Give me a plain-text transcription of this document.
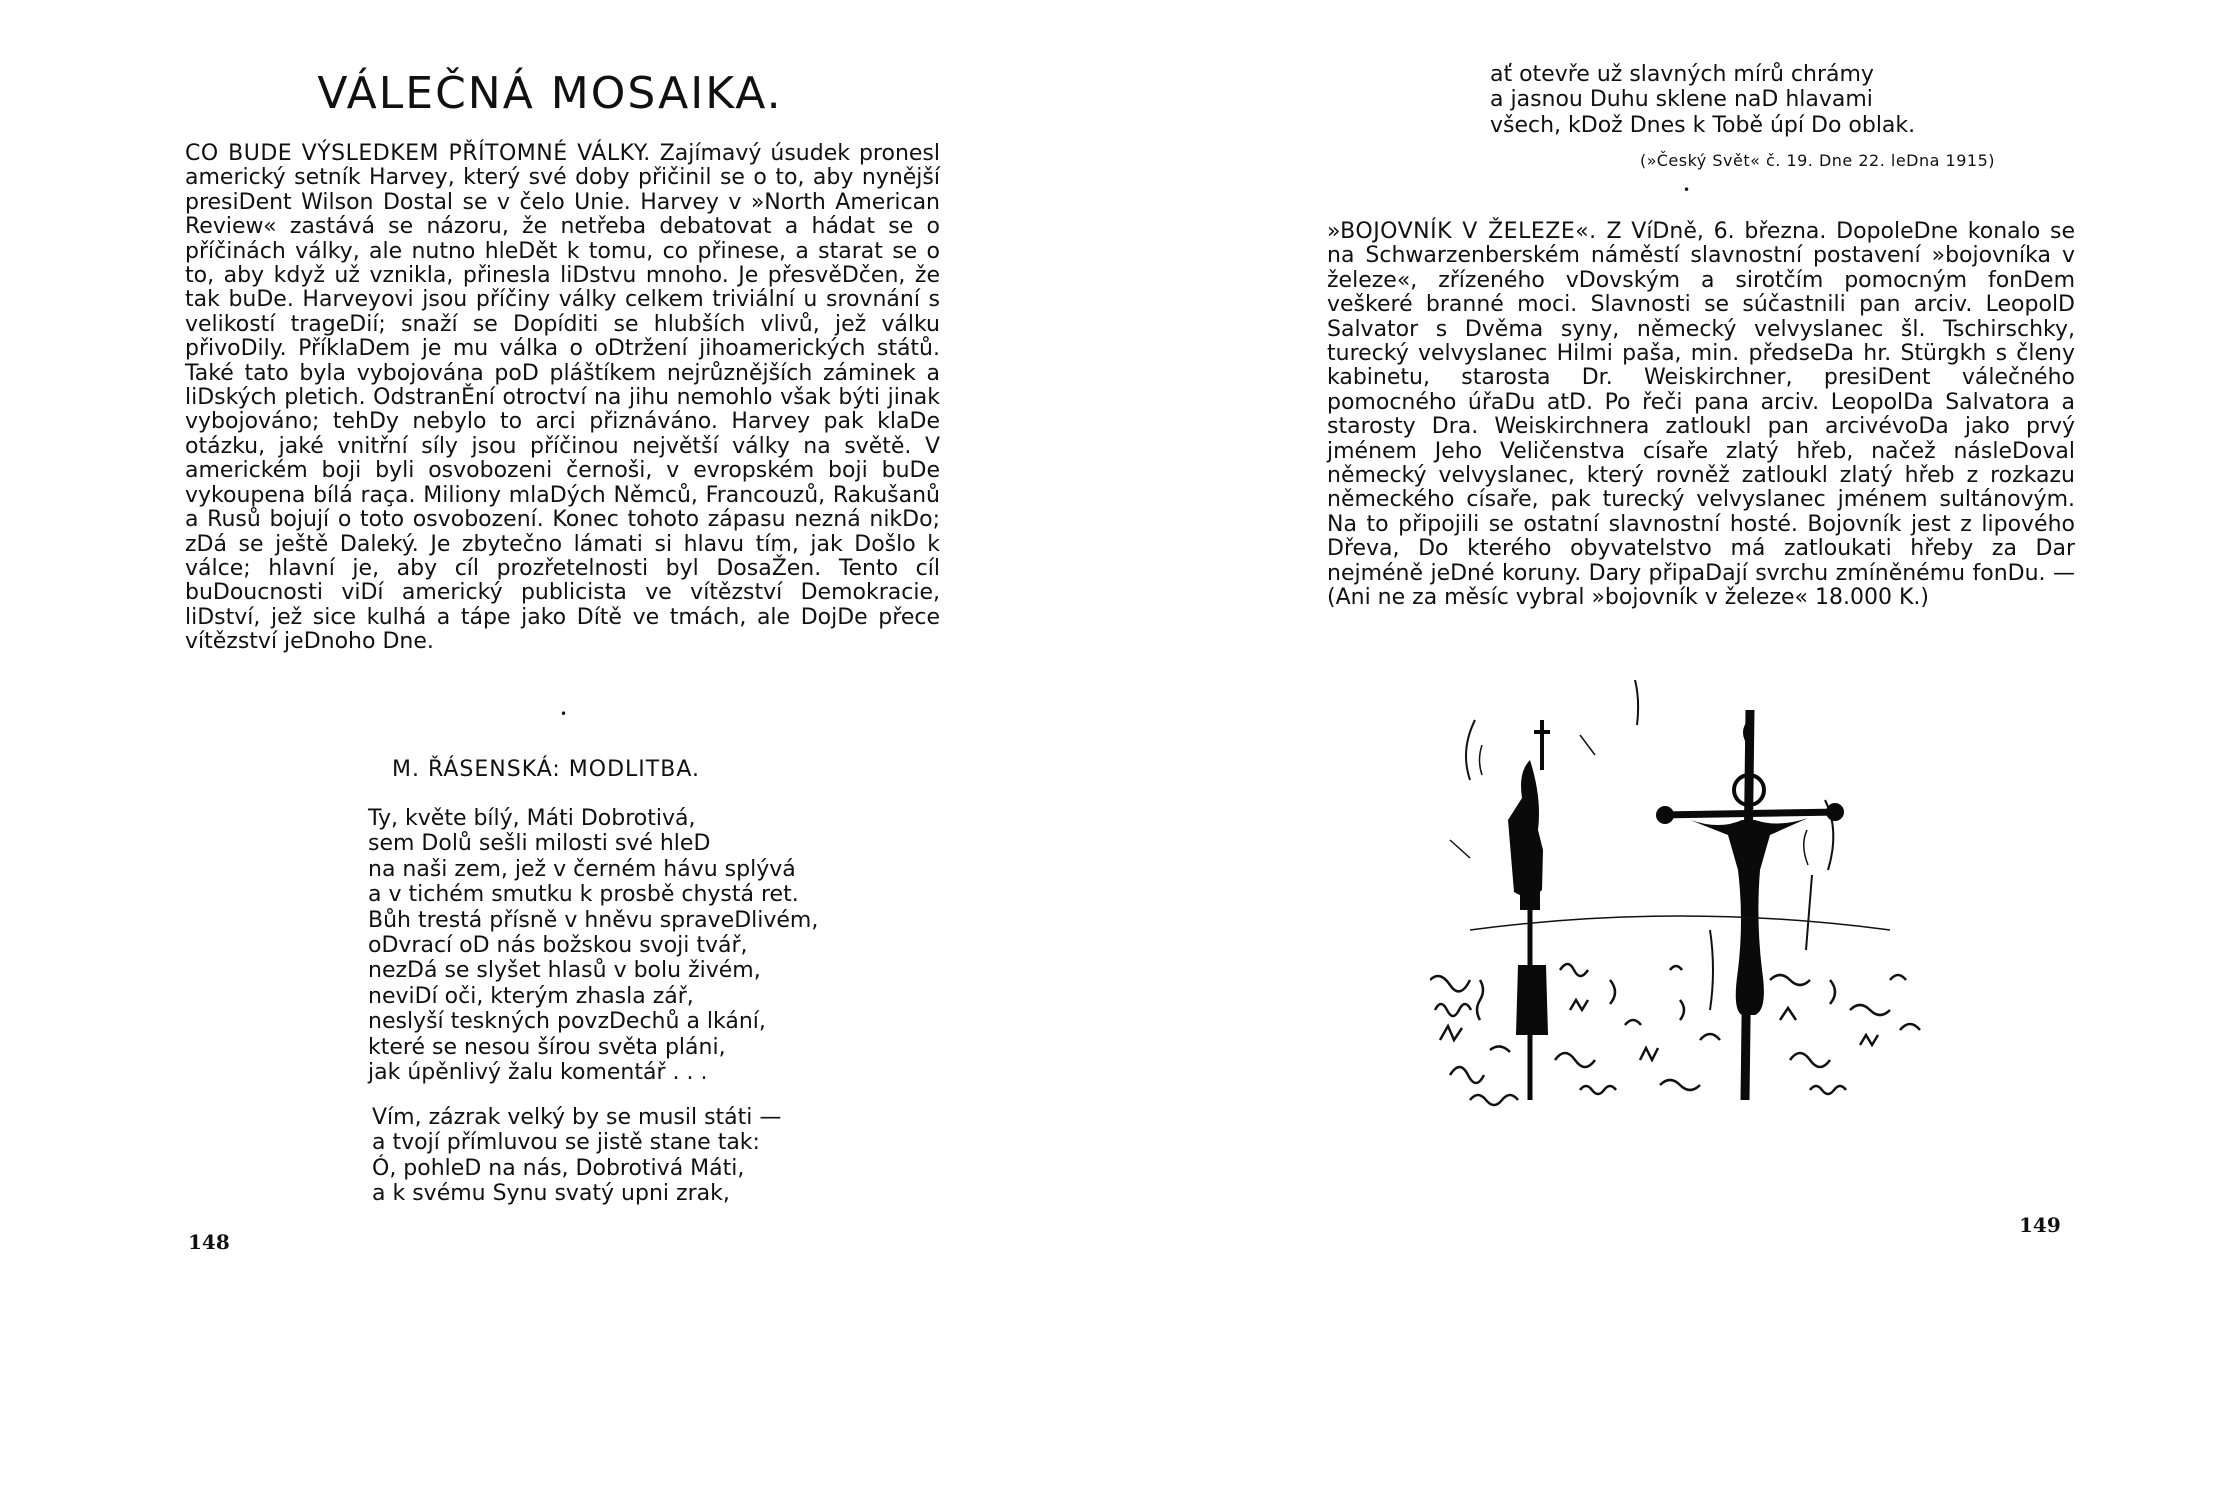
VÁLEČNÁ MOSAIKA.

CO BUDE VÝSLEDKEM PŘÍTOMNÉ VÁLKY. Zajímavý úsudek pronesl americký setník Harvey, který své doby přičinil se o to, aby nynější presiDent Wilson Dostal se v čelo Unie. Harvey v »North American Review« zastává se názoru, že netřeba debatovat a hádat se o příčinách války, ale nutno hleDět k tomu, co přinese, a starat se o to, aby když už vznikla, přinesla liDstvu mnoho. Je přesvěDčen, že tak buDe. Harveyovi jsou příčiny války celkem triviální u srovnání s velikostí trageDií; snaží se Dopíditi se hlubších vlivů, jež válku přivoDily. PříklaDem je mu válka o oDtržení jihoamerických států. Také tato byla vybojována poD pláštíkem nejrůznějších záminek a liDských pletich. OdstranĚní otroctví na jihu nemohlo však býti jinak vybojováno; tehDy nebylo to arci přiznáváno. Harvey pak klaDe otázku, jaké vnitřní síly jsou příčinou největší války na světě. V americkém boji byli osvobozeni černoši, v evropském boji buDe vykoupena bílá raça. Miliony mlaDých Němců, Francouzů, Rakušanů a Rusů bojují o toto osvobození. Konec tohoto zápasu nezná nikDo; zDá se ještě Daleký. Je zbytečno lámati si hlavu tím, jak Došlo k válce; hlavní je, aby cíl prozřetelnosti byl DosaŽen. Tento cíl buDoucnosti viDí americký publicista ve vítězství Demokracie, liDství, jež sice kulhá a tápe jako Dítě ve tmách, ale DojDe přece vítězství jeDnoho Dne.

•
M. ŘÁSENSKÁ: MODLITBA.
Ty, květe bílý, Máti Dobrotivá,
sem Dolů sešli milosti své hleD
na naši zem, jež v černém hávu splývá
a v tichém smutku k prosbě chystá ret.
Bůh trestá přísně v hněvu spraveDlivém,
oDvrací oD nás božskou svoji tvář,
nezDá se slyšet hlasů v bolu živém,
neviDí oči, kterým zhasla zář,
neslyší teskných povzDechů a lkání,
které se nesou šírou světa pláni,
jak úpěnlivý žalu komentář . . .
Vím, zázrak velký by se musil státi —
a tvojí přímluvou se jistě stane tak:
Ó, pohleD na nás, Dobrotivá Máti,
a k svému Synu svatý upni zrak,
148
ať otevře už slavných mírů chrámy
a jasnou Duhu sklene naD hlavami
všech, kDož Dnes k Tobě úpí Do oblak.
(»Český Svět« č. 19. Dne 22. leDna 1915)
•

»BOJOVNÍK V ŽELEZE«. Z VíDně, 6. března. DopoleDne konalo se na Schwarzenberském náměstí slavnostní postavení »bojovníka v železe«, zřízeného vDovským a sirotčím pomocným fonDem veškeré branné moci. Slavnosti se súčastnili pan arciv. LeopolD Salvator s Dvěma syny, německý velvyslanec šl. Tschirschky, turecký velvyslanec Hilmi paša, min. předseDa hr. Stürgkh s členy kabinetu, starosta Dr. Weiskirchner, presiDent válečného pomocného úřaDu atD. Po řeči pana arciv. LeopolDa Salvatora a starosty Dra. Weiskirchnera zatloukl pan arcivévoDa jako prvý jménem Jeho Veličenstva císaře zlatý hřeb, načež násleDoval německý velvyslanec, který rovněž zatloukl zlatý hřeb z rozkazu německého císaře, pak turecký velvyslanec jménem sultánovým. Na to připojili se ostatní slavnostní hosté. Bojovník jest z lipového Dřeva, Do kterého obyvatelstvo má zatloukati hřeby za Dar nejméně jeDné koruny. Dary připaDají svrchu zmíněnému fonDu. — (Ani ne za měsíc vybral »bojovník v železe« 18.000 K.)

149
